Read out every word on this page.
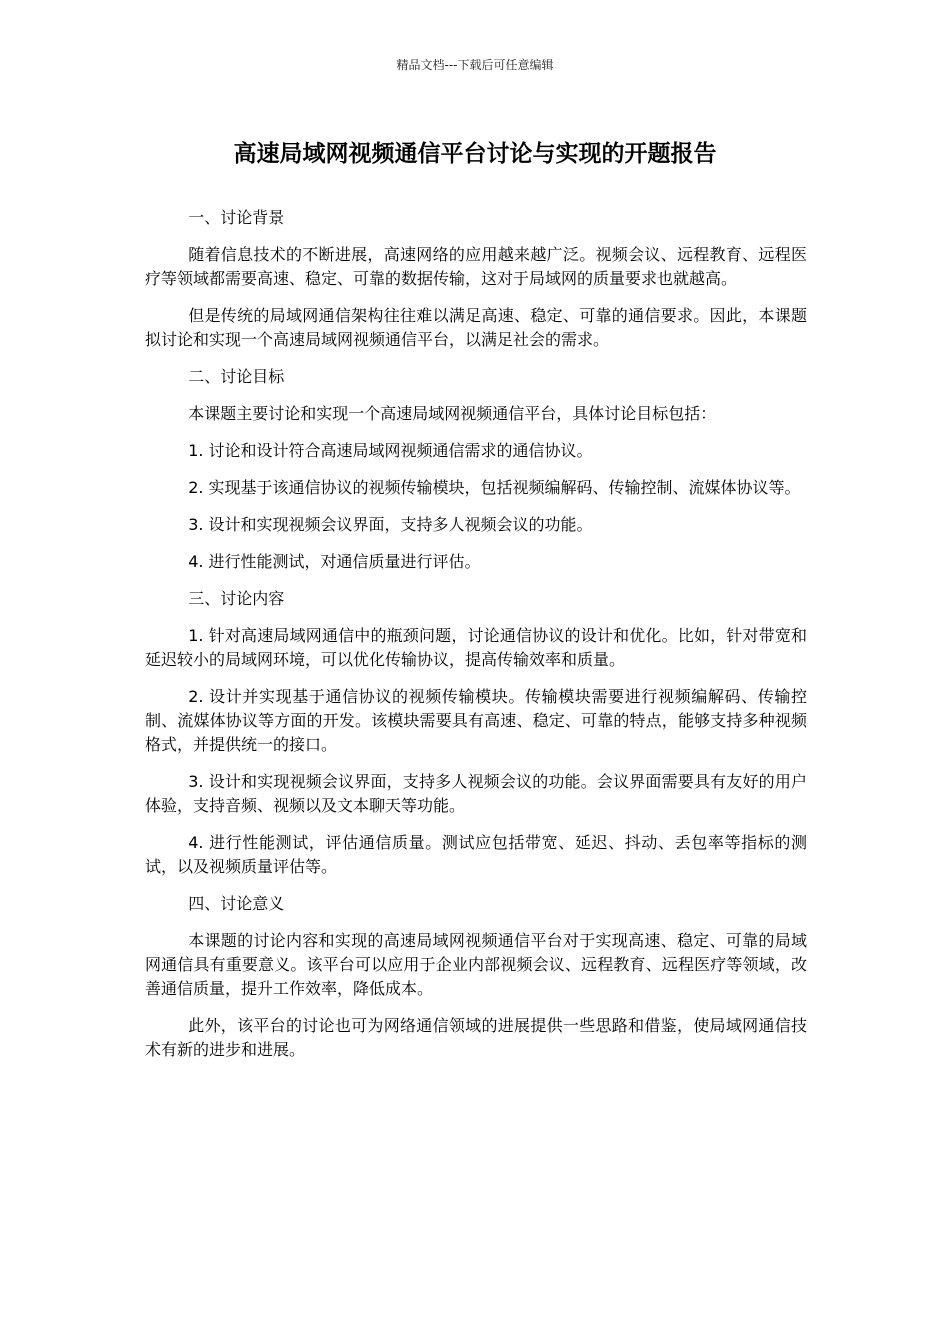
精品文档---下载后可任意编辑
高速局域网视频通信平台讨论与实现的开题报告

一、讨论背景

随着信息技术的不断进展，高速网络的应用越来越广泛。视频会议、远程教育、远程医疗等领域都需要高速、稳定、可靠的数据传输，这对于局域网的质量要求也就越高。

但是传统的局域网通信架构往往难以满足高速、稳定、可靠的通信要求。因此，本课题拟讨论和实现一个高速局域网视频通信平台，以满足社会的需求。

二、讨论目标

本课题主要讨论和实现一个高速局域网视频通信平台，具体讨论目标包括：

1. 讨论和设计符合高速局域网视频通信需求的通信协议。

2. 实现基于该通信协议的视频传输模块，包括视频编解码、传输控制、流媒体协议等。

3. 设计和实现视频会议界面，支持多人视频会议的功能。

4. 进行性能测试，对通信质量进行评估。

三、讨论内容

1. 针对高速局域网通信中的瓶颈问题，讨论通信协议的设计和优化。比如，针对带宽和延迟较小的局域网环境，可以优化传输协议，提高传输效率和质量。

2. 设计并实现基于通信协议的视频传输模块。传输模块需要进行视频编解码、传输控制、流媒体协议等方面的开发。该模块需要具有高速、稳定、可靠的特点，能够支持多种视频格式，并提供统一的接口。

3. 设计和实现视频会议界面，支持多人视频会议的功能。会议界面需要具有友好的用户体验，支持音频、视频以及文本聊天等功能。

4. 进行性能测试，评估通信质量。测试应包括带宽、延迟、抖动、丢包率等指标的测试，以及视频质量评估等。

四、讨论意义

本课题的讨论内容和实现的高速局域网视频通信平台对于实现高速、稳定、可靠的局域网通信具有重要意义。该平台可以应用于企业内部视频会议、远程教育、远程医疗等领域，改善通信质量，提升工作效率，降低成本。

此外，该平台的讨论也可为网络通信领域的进展提供一些思路和借鉴，使局域网通信技术有新的进步和进展。
